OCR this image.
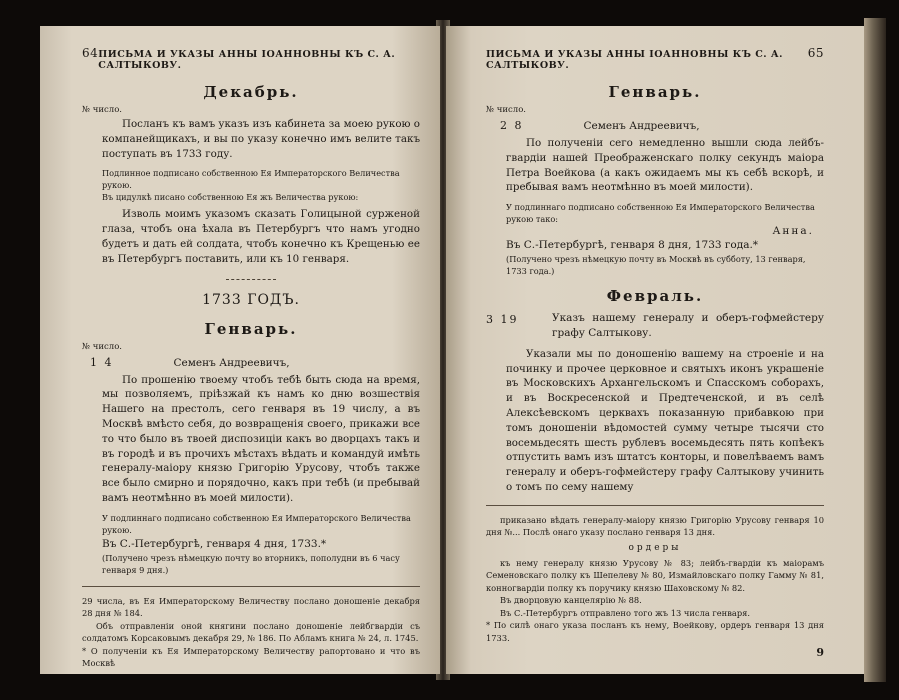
64 ПИСЬМА И УКАЗЫ АННЫ ІОАННОВНЫ КЪ С. А. САЛТЫКОВУ.
Декабрь.

№ число.

Посланъ къ вамъ указъ изъ кабинета за моею рукою о компанейщикахъ, и вы по указу конечно имъ велите такъ поступать въ 1733 году.

Подлинное подписано собственною Ея Императорского Величества рукою.

Въ цидулкѣ писано собственною Ея жъ Величества рукою:

Изволь моимъ указомъ сказать Голицыной сурженой глаза, чтобъ она ѣхала въ Петербургъ что намъ угодно будетъ и дать ей солдата, чтобъ конечно къ Крещенью ее въ Петербургъ поставить, или къ 10 генваря.

1733 ГОДЪ.
Генварь.

№ число.

1 4	Семенъ Андреевичъ,

По прошенію твоему чтобъ тебѣ быть сюда на время, мы позволяемъ, пріѣзжай къ намъ ко дню возшествія Нашего на престолъ, сего генваря въ 19 числу, а въ Москвѣ вмѣсто себя, до возвращенія своего, прикажи все то что было въ твоей диспозиціи какъ во дворцахъ такъ и въ городѣ и въ прочихъ мѣстахъ вѣдать и командуй имѣть генералу-маіору князю Григорію Урусову, чтобъ также все было смирно и порядочно, какъ при тебѣ (и пребывай вамъ неотмѣнно въ моей милости).

У подлиннаго подписано собственною Ея Императорского Величества рукою.

Въ С.-Петербургѣ, генваря 4 дня, 1733.*

(Получено чрезъ нѣмецкую почту во вторникъ, пополудни въ 6 часу генваря 9 дня.)

29 числа, въ Ея Императорскому Величеству послано доношеніе декабря 28 дня № 184.

Объ отправленіи оной княгини послано доношеніе лейбгвардіи съ солдатомъ Корсаковымъ декабря 29, № 186. По Абламъ книга № 24, л. 1745.

* О полученіи къ Ея Императорскому Величеству рапортовано и что въ Москвѣ

ПИСЬМА И УКАЗЫ АННЫ ІОАННОВНЫ КЪ С. А. САЛТЫКОВУ.
65
Генварь.

№ число.

2 8	Семенъ Андреевичъ,

По полученіи сего немедленно вышли сюда лейбъ-гвардіи нашей Преображенскаго полку секундъ маіора Петра Воейкова (а какъ ожидаемъ мы къ себѣ вскорѣ, и пребывая вамъ неотмѣнно въ моей милости).

У подлиннаго подписано собственною Ея Императорского Величества рукою тако:

Анна.

Въ С.-Петербургѣ, генваря 8 дня, 1733 года.*

(Получено чрезъ нѣмецкую почту въ Москвѣ въ субботу, 13 генваря, 1733 года.)

Февраль.
3 19	Указъ нашему генералу и оберъ-гофмейстеру графу Салтыкову.

Указали мы по доношенію вашему на строеніе и на починку и прочее церковное и святыхъ иконъ украшеніе въ Московскихъ Архангельскомъ и Спасскомъ соборахъ, и въ Воскресенской и Предтеченской, и въ селѣ Алексѣевскомъ церквахъ показанную прибавкою при томъ доношеніи вѣдомостей сумму четыре тысячи сто восемьдесять шесть рублевъ восемьдесять пять копѣекъ отпустить вамъ изъ штатсъ конторы, и повелѣваемъ вамъ генералу и оберъ-гофмейстеру графу Салтыкову учинить о томъ по сему нашему

приказано вѣдать генералу-маіору князю Григорію Урусову генваря 10 дня №... Послѣ онаго указу послано генваря 13 дня.

ордеры

къ нему генералу князю Урусову № 83; лейбъ-гвардіи къ маіорамъ Семеновскаго полку къ Шепелеву № 80, Измайловскаго полку Гамму № 81, конногвардіи полку къ поручику князю Шаховскому № 82.

Въ дворцовую канцелярію № 88.

Въ С.-Петербургъ отправлено того жъ 13 числа генваря.

* По силѣ онаго указа посланъ къ нему, Воейкову, ордеръ генваря 13 дня 1733.

9
